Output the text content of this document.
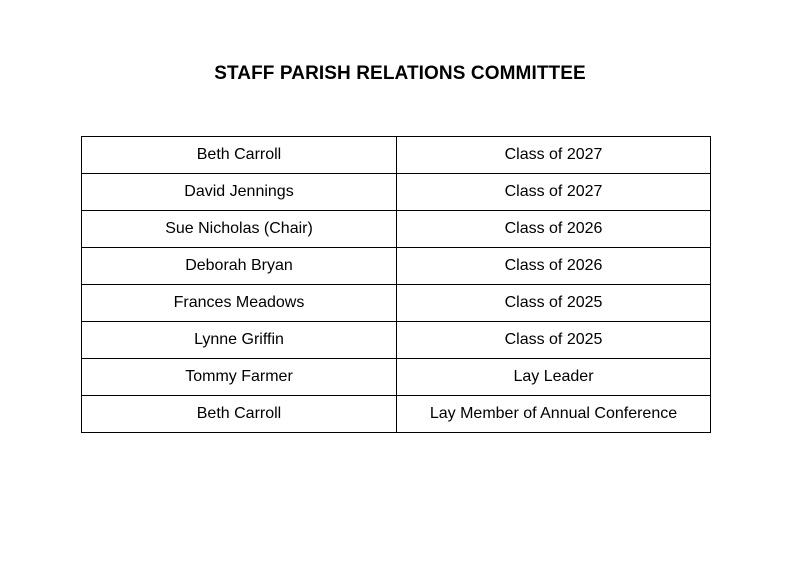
STAFF PARISH RELATIONS COMMITTEE
Beth Carroll	Class of 2027
David Jennings	Class of 2027
Sue Nicholas (Chair)	Class of 2026
Deborah Bryan	Class of 2026
Frances Meadows	Class of 2025
Lynne Griffin	Class of 2025
Tommy Farmer	Lay Leader
Beth Carroll	Lay Member of Annual Conference
